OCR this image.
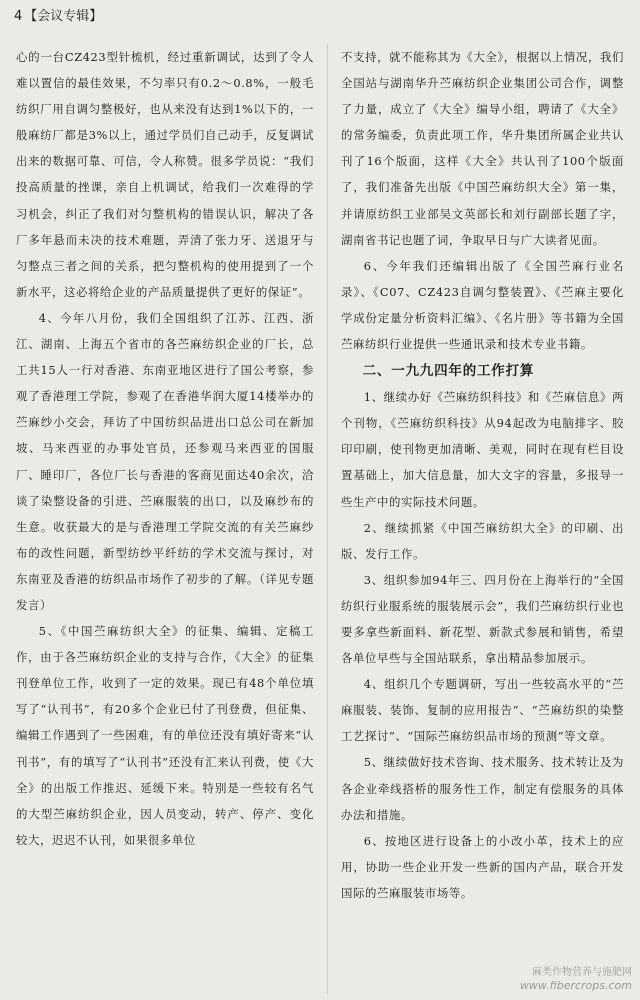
4 【会议专辑】

心的一台CZ423型针梳机，经过重新调试，达到了令人难以置信的最佳效果，不匀率只有0.2～0.8%，一般毛纺织厂用自调匀整极好，也从来没有达到1%以下的，一般麻纺厂都是3%以上，通过学员们自己动手，反复调试出来的数据可靠、可信，令人称赞。很多学员说：“我们投高质量的挫课，亲自上机调试，给我们一次难得的学习机会，纠正了我们对匀整机构的错误认识，解决了各厂多年悬而未决的技术难题，弄清了张力牙、送退牙与匀整点三者之间的关系，把匀整机构的使用提到了一个新水平，这必将给企业的产品质量提供了更好的保证”。

4、今年八月份，我们全国组织了江苏、江西、浙江、湖南、上海五个省市的各苎麻纺织企业的厂长，总工共15人一行对香港、东南亚地区进行了国公考察，参观了香港理工学院，参观了在香港华润大厦14楼举办的苎麻纱小交会，拜访了中国纺织品进出口总公司在新加坡、马来西亚的办事处官员，还参观马来西亚的国服厂、睡印厂，各位厂长与香港的客商见面达40余次，洽谈了染整设备的引进、苎麻服装的出口，以及麻纱布的生意。收获最大的是与香港理工学院交流的有关苎麻纱布的改性问题，新型纺纱平纤纺的学术交流与探讨，对东南亚及香港的纺织品市场作了初步的了解。（详见专题发言）

5、《中国苎麻纺织大全》的征集、编辑、定稿工作，由于各苎麻纺织企业的支持与合作，《大全》的征集刊登单位工作，收到了一定的效果。现已有48个单位填写了“认刊书”，有20多个企业已付了刊登费，但征集、编辑工作遇到了一些困难，有的单位还没有填好寄来“认刊书”，有的填写了“认刊书”还没有汇来认刊费，使《大全》的出版工作推迟、延缓下来。特别是一些较有名气的大型苎麻纺织企业，因人员变动，转产、停产、变化较大，迟迟不认刊，如果很多单位

不支持，就不能称其为《大全》，根据以上情况，我们全国站与湖南华升苎麻纺织企业集团公司合作，调整了力量，成立了《大全》编导小组，聘请了《大全》的常务编委，负责此项工作，华升集团所属企业共认刊了16个版面，这样《大全》共认刊了100个版面了，我们准备先出版《中国苎麻纺织大全》第一集，并请原纺织工业部吴文英部长和刘行副部长题了字，湖南省书记也题了词，争取早日与广大读者见面。

6、今年我们还编辑出版了《全国苎麻行业名录》、《C07、CZ423自调匀整装置》、《苎麻主要化学成份定量分析资料汇编》、《名片册》等书籍为全国苎麻纺织行业提供一些通讯录和技术专业书籍。

二、一九九四年的工作打算

1、继续办好《苎麻纺织科技》和《苎麻信息》两个刊物，《苎麻纺织科技》从94起改为电脑排字、胶印印刷，使刊物更加清晰、美观，同时在现有栏目设置基础上，加大信息量，加大文字的容量，多报导一些生产中的实际技术问题。

2、继续抓紧《中国苎麻纺织大全》的印刷、出版、发行工作。

3、组织参加94年三、四月份在上海举行的“全国纺织行业服系统的服装展示会”，我们苎麻纺织行业也要多拿些新面料、新花型、新款式参展和销售，希望各单位早些与全国站联系，拿出精品参加展示。

4、组织几个专题调研，写出一些较高水平的“苎麻服装、装饰、复制的应用报告”、“苎麻纺织的染整工艺探讨”、“国际苎麻纺织品市场的预测”等文章。

5、继续做好技术咨询、技术服务、技术转让及为各企业牵线搭桥的服务性工作，制定有偿服务的具体办法和措施。

6、按地区进行设备上的小改小革，技术上的应用，协助一些企业开发一些新的国内产品，联合开发国际的苎麻服装市场等。

麻类作物营养与施肥网
www.fibercrops.com
